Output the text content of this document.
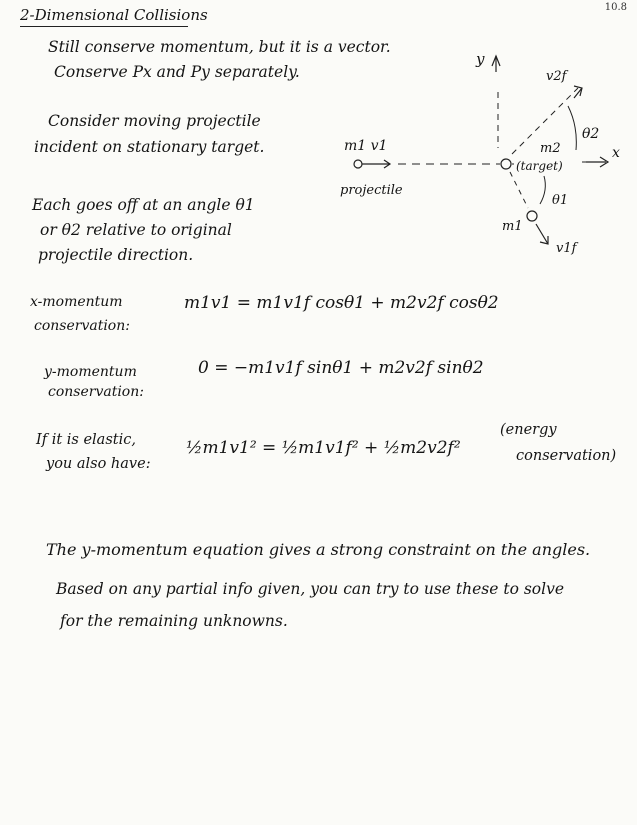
10.8
2-Dimensional Collisions
Still conserve momentum, but it is a vector.
Conserve Px and Py separately.
Consider moving projectile
incident on stationary target.
Each goes off at an angle θ1
or θ2 relative to original
projectile direction.
y
m1 v1
projectile
m2
(target)
x
v2f
θ2
v1f
m1
θ1
x-momentum
conservation:
m1v1 = m1v1f cosθ1 + m2v2f cosθ2
y-momentum
conservation:
0 = −m1v1f sinθ1 + m2v2f sinθ2
If it is elastic,
you also have:
½m1v1² = ½m1v1f² + ½m2v2f²
(energy
conservation)
The y-momentum equation gives a strong constraint on the angles.
Based on any partial info given, you can try to use these to solve
for the remaining unknowns.
